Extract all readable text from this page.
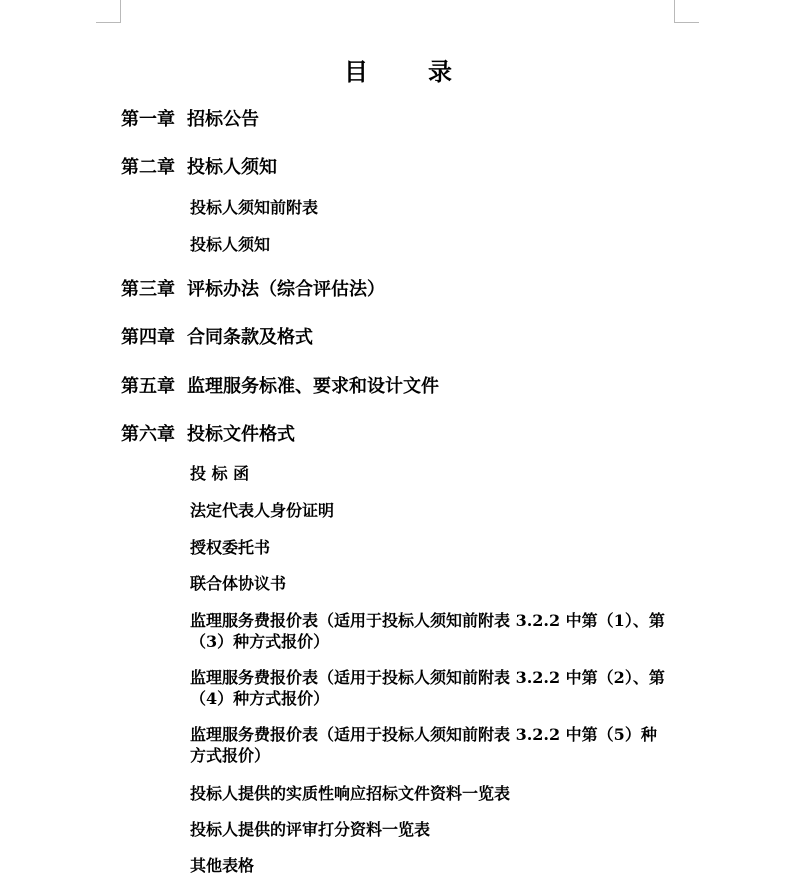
目录
第一章 招标公告
第二章 投标人须知
投标人须知前附表
投标人须知
第三章 评标办法（综合评估法）
第四章 合同条款及格式
第五章 监理服务标准、要求和设计文件
第六章 投标文件格式
投 标 函
法定代表人身份证明
授权委托书
联合体协议书
监理服务费报价表（适用于投标人须知前附表 3.2.2 中第（1）、第（3）种方式报价）
监理服务费报价表（适用于投标人须知前附表 3.2.2 中第（2）、第（4）种方式报价）
监理服务费报价表（适用于投标人须知前附表 3.2.2 中第（5）种方式报价）
投标人提供的实质性响应招标文件资料一览表
投标人提供的评审打分资料一览表
其他表格
